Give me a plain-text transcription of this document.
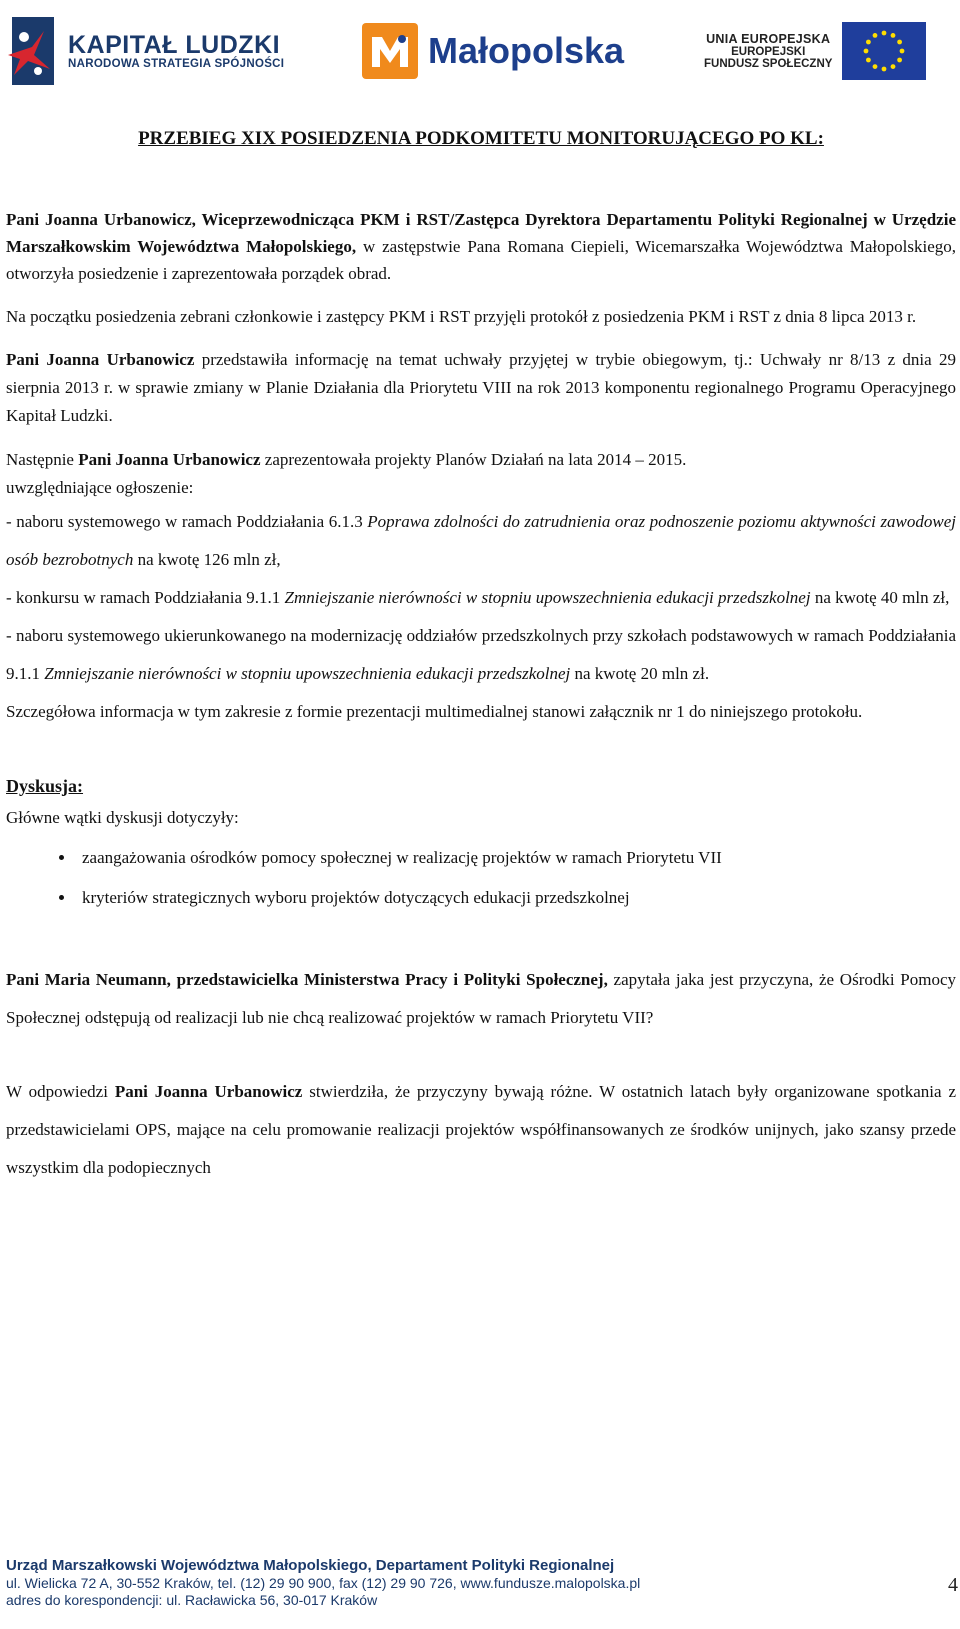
KAPITAŁ LUDZKI
NARODOWA STRATEGIA SPÓJNOŚCI	Małopolska	UNIA EUROPEJSKA
EUROPEJSKI
FUNDUSZ SPOŁECZNY
PRZEBIEG XIX POSIEDZENIA PODKOMITETU MONITORUJĄCEGO PO KL:

Pani Joanna Urbanowicz, Wiceprzewodnicząca PKM i RST/Zastępca Dyrektora Departamentu Polityki Regionalnej w Urzędzie Marszałkowskim Województwa Małopolskiego, w zastępstwie Pana Romana Ciepieli, Wicemarszałka Województwa Małopolskiego, otworzyła posiedzenie i zaprezentowała porządek obrad.

Na początku posiedzenia zebrani członkowie i zastępcy PKM i RST przyjęli protokół z posiedzenia PKM i RST z dnia 8 lipca 2013 r.

Pani Joanna Urbanowicz przedstawiła informację na temat uchwały przyjętej w trybie obiegowym, tj.: Uchwały nr 8/13 z dnia 29 sierpnia 2013 r. w sprawie zmiany w Planie Działania dla Priorytetu VIII na rok 2013 komponentu regionalnego Programu Operacyjnego Kapitał Ludzki.

Następnie Pani Joanna Urbanowicz zaprezentowała projekty Planów Działań na lata 2014 – 2015.
uwzględniające ogłoszenie:

- naboru systemowego w ramach Poddziałania 6.1.3 Poprawa zdolności do zatrudnienia oraz podnoszenie poziomu aktywności zawodowej osób bezrobotnych na kwotę 126 mln zł,

- konkursu w ramach Poddziałania 9.1.1 Zmniejszanie nierówności w stopniu upowszechnienia edukacji przedszkolnej na kwotę 40 mln zł,

- naboru systemowego ukierunkowanego na modernizację oddziałów przedszkolnych przy szkołach podstawowych w ramach Poddziałania 9.1.1 Zmniejszanie nierówności w stopniu upowszechnienia edukacji przedszkolnej na kwotę 20 mln zł.

Szczegółowa informacja w tym zakresie z formie prezentacji multimedialnej stanowi załącznik nr 1 do niniejszego protokołu.

Dyskusja:
Główne wątki dyskusji dotyczyły:
• zaangażowania ośrodków pomocy społecznej w realizację projektów w ramach Priorytetu VII
• kryteriów strategicznych wyboru projektów dotyczących edukacji przedszkolnej

Pani Maria Neumann, przedstawicielka Ministerstwa Pracy i Polityki Społecznej, zapytała jaka jest przyczyna, że Ośrodki Pomocy Społecznej odstępują od realizacji lub nie chcą realizować projektów w ramach Priorytetu VII?

W odpowiedzi Pani Joanna Urbanowicz stwierdziła, że przyczyny bywają różne. W ostatnich latach były organizowane spotkania z przedstawicielami OPS, mające na celu promowanie realizacji projektów współfinansowanych ze środków unijnych, jako szansy przede wszystkim dla podopiecznych

Urząd Marszałkowski Województwa Małopolskiego, Departament Polityki Regionalnej
ul. Wielicka 72 A, 30-552 Kraków, tel. (12) 29 90 900, fax (12) 29 90 726, www.fundusze.malopolska.pl
adres do korespondencji: ul. Racławicka 56, 30-017 Kraków
4
